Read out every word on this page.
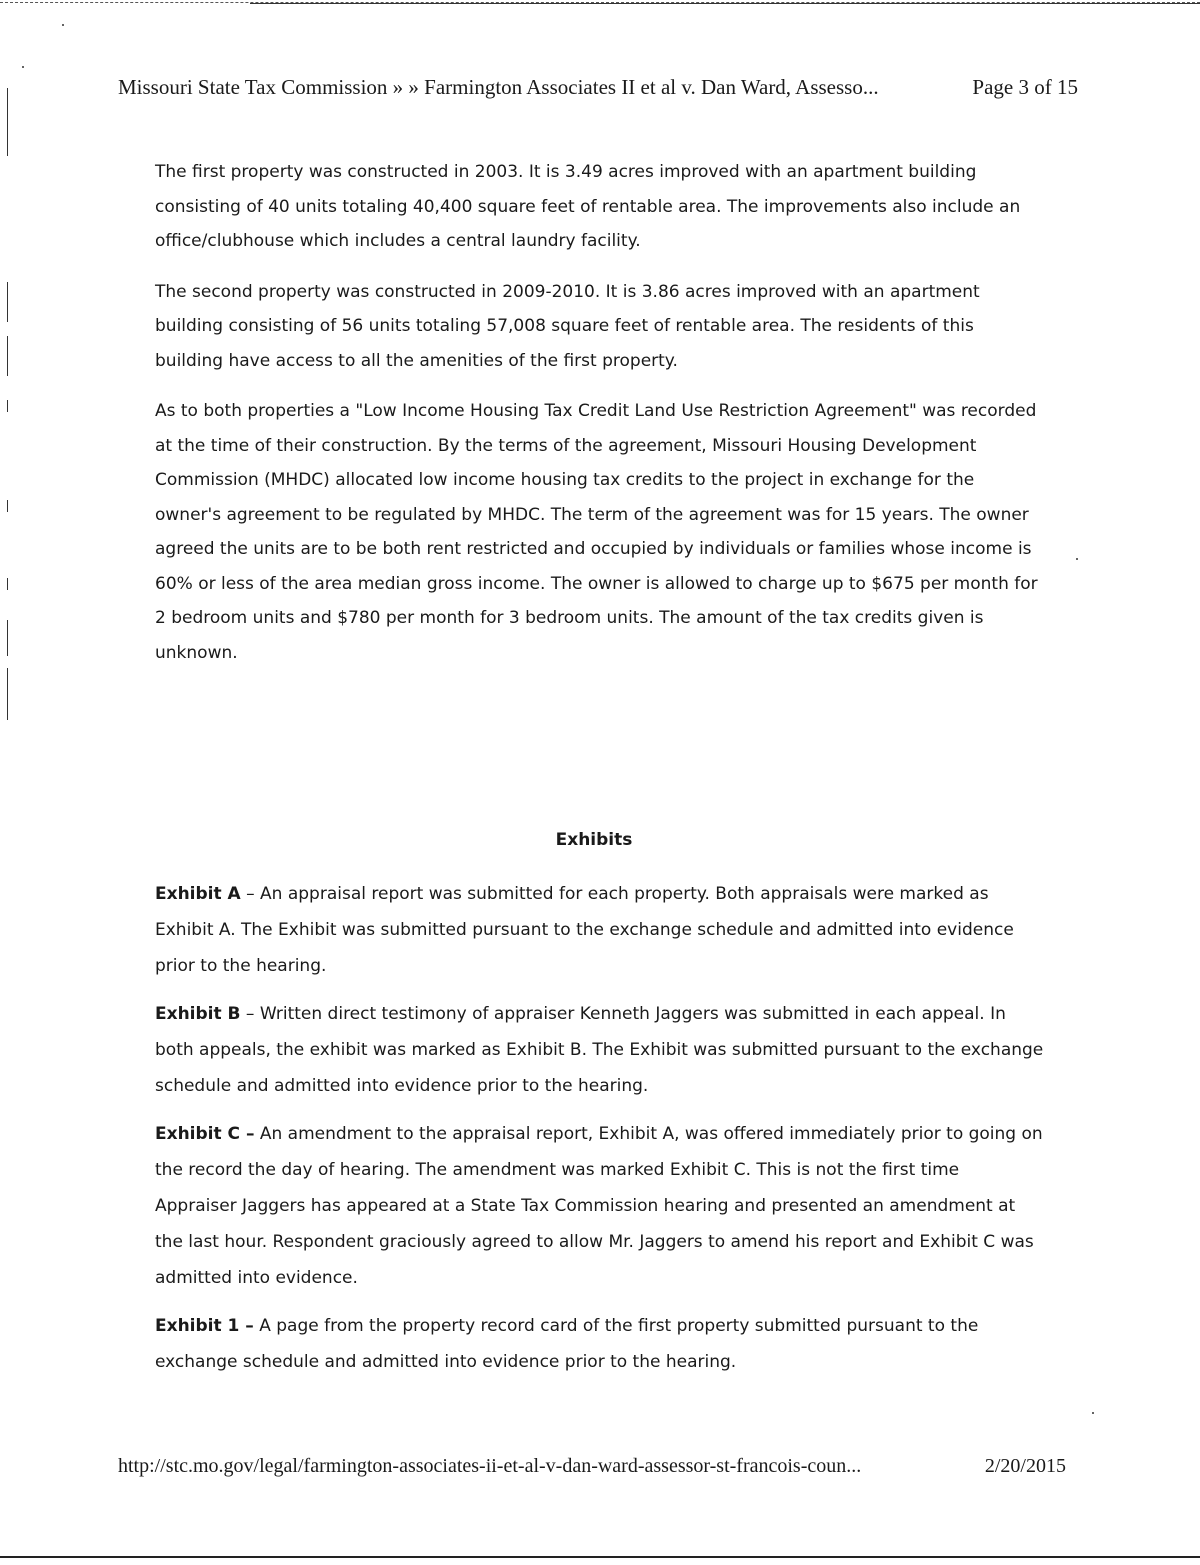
Missouri State Tax Commission » » Farmington Associates II et al v. Dan Ward, Assesso...	Page 3 of 15

The first property was constructed in 2003. It is 3.49 acres improved with an apartment building consisting of 40 units totaling 40,400 square feet of rentable area. The improvements also include an office/clubhouse which includes a central laundry facility.

The second property was constructed in 2009-2010. It is 3.86 acres improved with an apartment building consisting of 56 units totaling 57,008 square feet of rentable area. The residents of this building have access to all the amenities of the first property.

As to both properties a "Low Income Housing Tax Credit Land Use Restriction Agreement" was recorded at the time of their construction. By the terms of the agreement, Missouri Housing Development Commission (MHDC) allocated low income housing tax credits to the project in exchange for the owner's agreement to be regulated by MHDC. The term of the agreement was for 15 years. The owner agreed the units are to be both rent restricted and occupied by individuals or families whose income is 60% or less of the area median gross income. The owner is allowed to charge up to $675 per month for 2 bedroom units and $780 per month for 3 bedroom units. The amount of the tax credits given is unknown.

Exhibits

Exhibit A – An appraisal report was submitted for each property. Both appraisals were marked as Exhibit A. The Exhibit was submitted pursuant to the exchange schedule and admitted into evidence prior to the hearing.

Exhibit B – Written direct testimony of appraiser Kenneth Jaggers was submitted in each appeal. In both appeals, the exhibit was marked as Exhibit B. The Exhibit was submitted pursuant to the exchange schedule and admitted into evidence prior to the hearing.

Exhibit C – An amendment to the appraisal report, Exhibit A, was offered immediately prior to going on the record the day of hearing. The amendment was marked Exhibit C. This is not the first time Appraiser Jaggers has appeared at a State Tax Commission hearing and presented an amendment at the last hour. Respondent graciously agreed to allow Mr. Jaggers to amend his report and Exhibit C was admitted into evidence.

Exhibit 1 – A page from the property record card of the first property submitted pursuant to the exchange schedule and admitted into evidence prior to the hearing.

http://stc.mo.gov/legal/farmington-associates-ii-et-al-v-dan-ward-assessor-st-francois-coun...	2/20/2015
